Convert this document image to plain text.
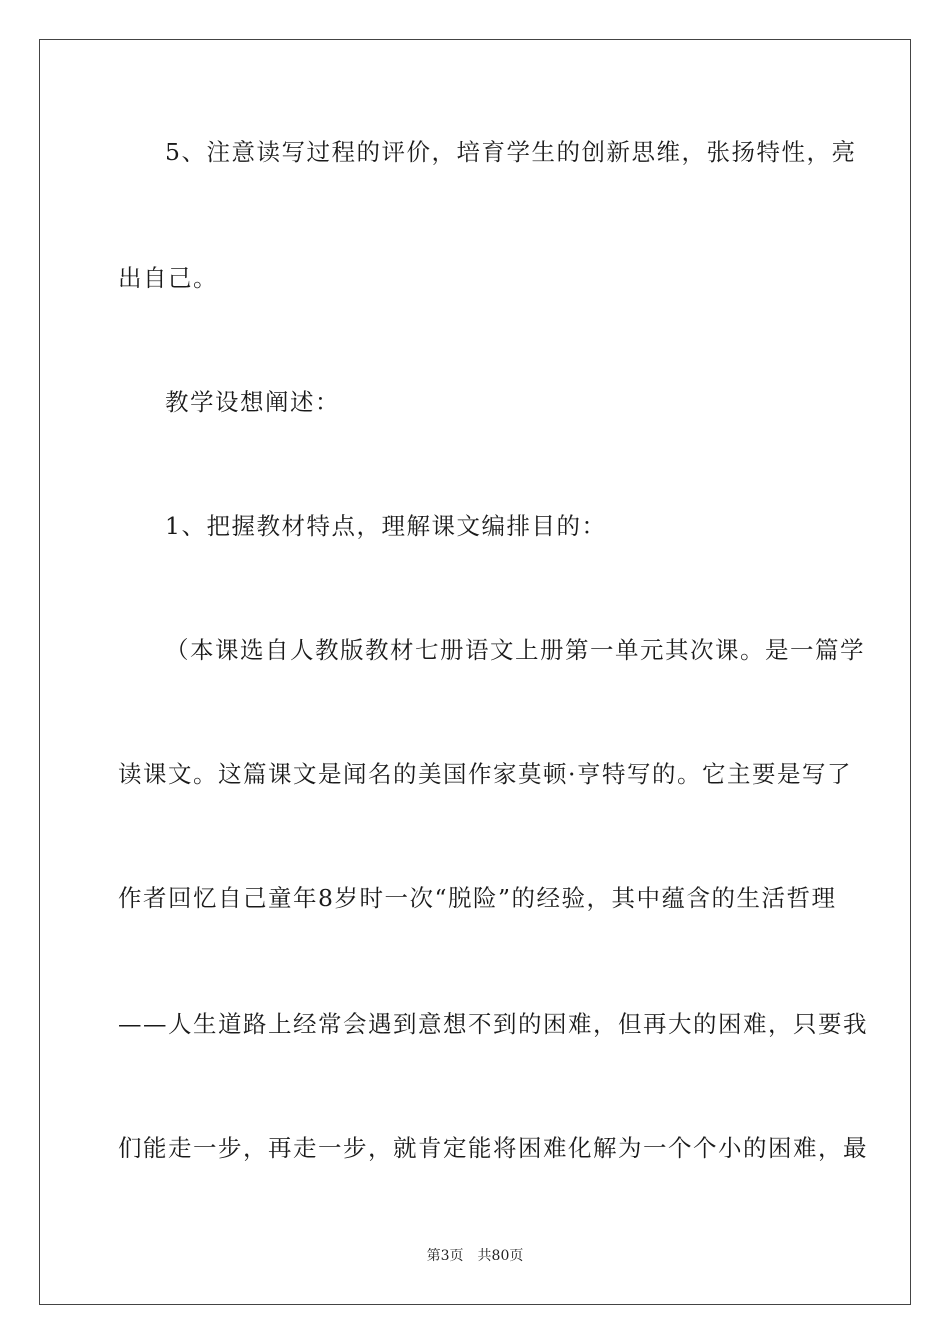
5、注意读写过程的评价，培育学生的创新思维，张扬特性，亮
出自己。
教学设想阐述：
1、把握教材特点，理解课文编排目的：
（本课选自人教版教材七册语文上册第一单元其次课。是一篇学
读课文。这篇课文是闻名的美国作家莫顿·亨特写的。它主要是写了
作者回忆自己童年8岁时一次“脱险”的经验，其中蕴含的生活哲理
——人生道路上经常会遇到意想不到的困难，但再大的困难，只要我
们能走一步，再走一步，就肯定能将困难化解为一个个小的困难，最
第3页 共80页
